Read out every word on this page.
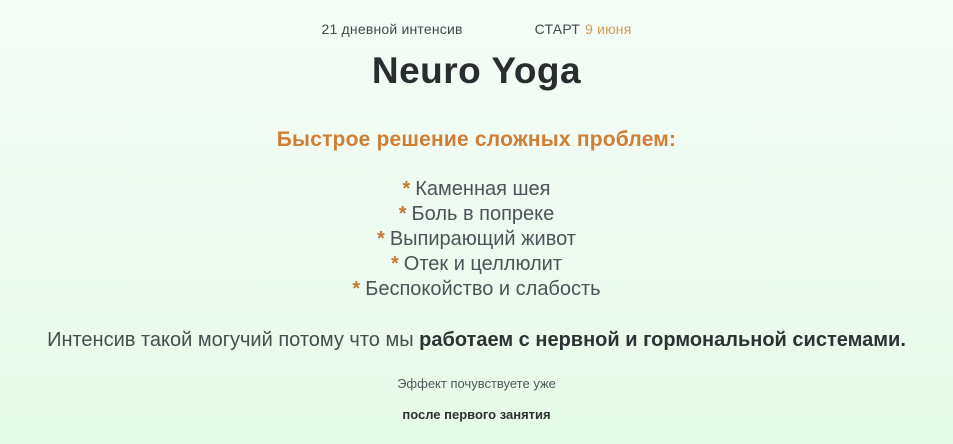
21 дневной интенсив	СТАРТ 9 июня
Neuro Yoga
Быстрое решение сложных проблем:
* Каменная шея
* Боль в попреке
* Выпирающий живот
* Отек и целлюлит
* Беспокойство и слабость

Интенсив такой могучий потому что мы работаем с нервной и гормональной системами.

Эффект почувствуете уже

после первого занятия
